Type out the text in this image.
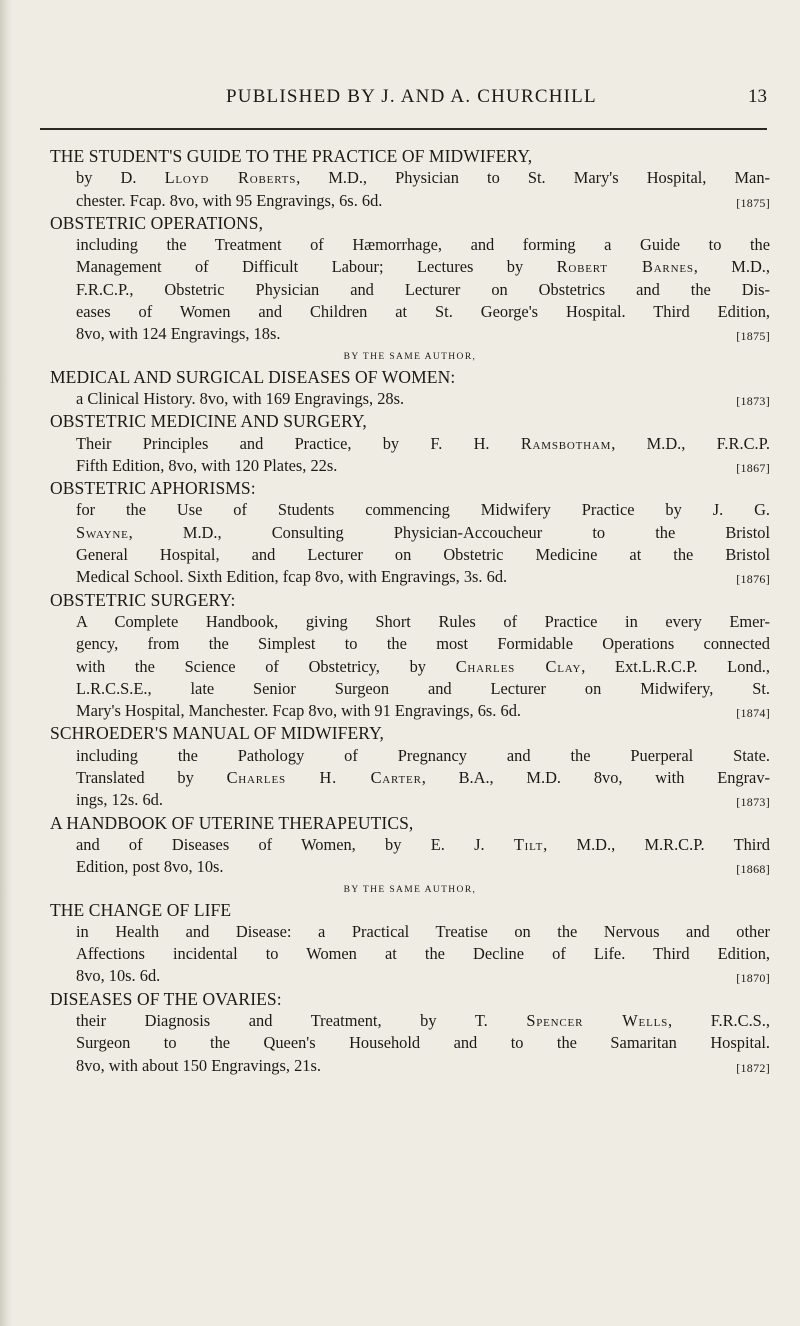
PUBLISHED BY J. AND A. CHURCHILL	13
THE STUDENT'S GUIDE TO THE PRACTICE OF MIDWIFERY,
by D. Lloyd Roberts, M.D., Physician to St. Mary's Hospital, Man-
[1875]
chester. Fcap. 8vo, with 95 Engravings, 6s. 6d.
OBSTETRIC OPERATIONS,
including the Treatment of Hæmorrhage, and forming a Guide to the
Management of Difficult Labour; Lectures by Robert Barnes, M.D.,
F.R.C.P., Obstetric Physician and Lecturer on Obstetrics and the Dis-
eases of Women and Children at St. George's Hospital. Third Edition,
[1875]
8vo, with 124 Engravings, 18s.
BY THE SAME AUTHOR,
MEDICAL AND SURGICAL DISEASES OF WOMEN:
[1873]
a Clinical History. 8vo, with 169 Engravings, 28s.
OBSTETRIC MEDICINE AND SURGERY,
Their Principles and Practice, by F. H. Ramsbotham, M.D., F.R.C.P.
[1867]
Fifth Edition, 8vo, with 120 Plates, 22s.
OBSTETRIC APHORISMS:
for the Use of Students commencing Midwifery Practice by J. G.
Swayne, M.D., Consulting Physician-Accoucheur to the Bristol
General Hospital, and Lecturer on Obstetric Medicine at the Bristol
[1876]
Medical School. Sixth Edition, fcap 8vo, with Engravings, 3s. 6d.
OBSTETRIC SURGERY:
A Complete Handbook, giving Short Rules of Practice in every Emer-
gency, from the Simplest to the most Formidable Operations connected
with the Science of Obstetricy, by Charles Clay, Ext.L.R.C.P. Lond.,
L.R.C.S.E., late Senior Surgeon and Lecturer on Midwifery, St.
[1874]
Mary's Hospital, Manchester. Fcap 8vo, with 91 Engravings, 6s. 6d.
SCHROEDER'S MANUAL OF MIDWIFERY,
including the Pathology of Pregnancy and the Puerperal State.
Translated by Charles H. Carter, B.A., M.D. 8vo, with Engrav-
[1873]
ings, 12s. 6d.
A HANDBOOK OF UTERINE THERAPEUTICS,
and of Diseases of Women, by E. J. Tilt, M.D., M.R.C.P. Third
[1868]
Edition, post 8vo, 10s.
BY THE SAME AUTHOR,
THE CHANGE OF LIFE
in Health and Disease: a Practical Treatise on the Nervous and other
Affections incidental to Women at the Decline of Life. Third Edition,
[1870]
8vo, 10s. 6d.
DISEASES OF THE OVARIES:
their Diagnosis and Treatment, by T. Spencer Wells, F.R.C.S.,
Surgeon to the Queen's Household and to the Samaritan Hospital.
[1872]
8vo, with about 150 Engravings, 21s.
